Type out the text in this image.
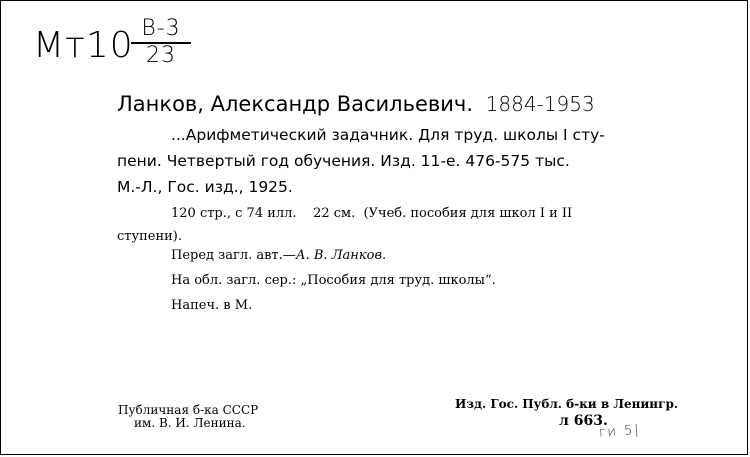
Мт10 В-3
23
Ланков, Александр Васильевич. 1884-1953
...Арифметический задачник. Для труд. школы I сту-
пени. Четвертый год обучения. Изд. 11-е. 476-575 тыс.
М.-Л., Гос. изд., 1925.
120 стр., с 74 илл.    22 см.  (Учеб. пособия для школ I и II
ступени).
Перед загл. авт.—А. В. Ланков.
На обл. загл. сер.: „Пособия для труд. школы“.
Напеч. в М.
Публичная б-ка СССР
им. В. И. Ленина.
Изд. Гос. Публ. б-ки в Ленингр.
л 663.
ги ⁠5|
